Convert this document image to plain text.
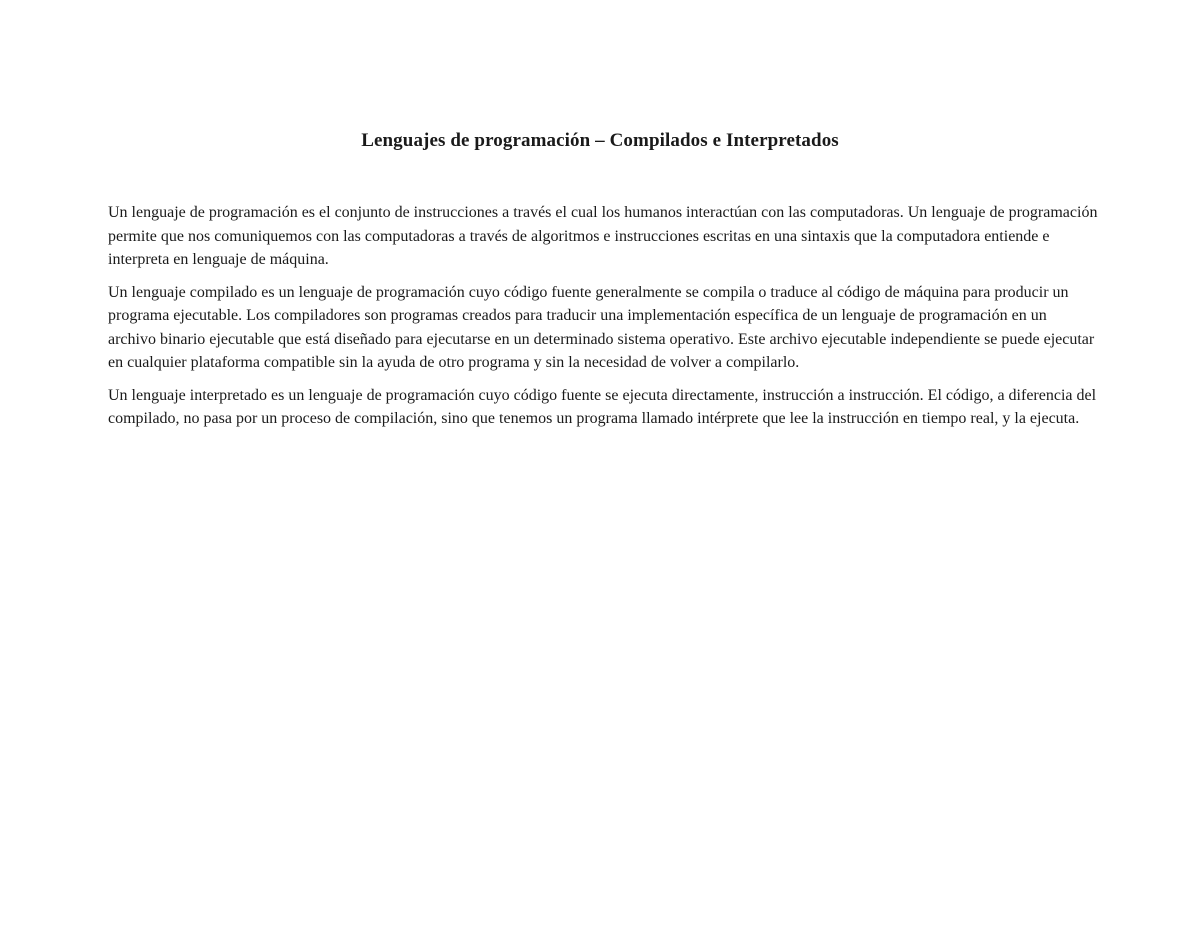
Lenguajes de programación – Compilados e Interpretados

Un lenguaje de programación es el conjunto de instrucciones a través el cual los humanos interactúan con las computadoras. Un lenguaje de programación permite que nos comuniquemos con las computadoras a través de algoritmos e instrucciones escritas en una sintaxis que la computadora entiende e interpreta en lenguaje de máquina.

Un lenguaje compilado es un lenguaje de programación cuyo código fuente generalmente se compila o traduce al código de máquina para producir un programa ejecutable. Los compiladores son programas creados para traducir una implementación específica de un lenguaje de programación en un archivo binario ejecutable que está diseñado para ejecutarse en un determinado sistema operativo. Este archivo ejecutable independiente se puede ejecutar en cualquier plataforma compatible sin la ayuda de otro programa y sin la necesidad de volver a compilarlo.

Un lenguaje interpretado es un lenguaje de programación cuyo código fuente se ejecuta directamente, instrucción a instrucción. El código, a diferencia del compilado, no pasa por un proceso de compilación, sino que tenemos un programa llamado intérprete que lee la instrucción en tiempo real, y la ejecuta.
